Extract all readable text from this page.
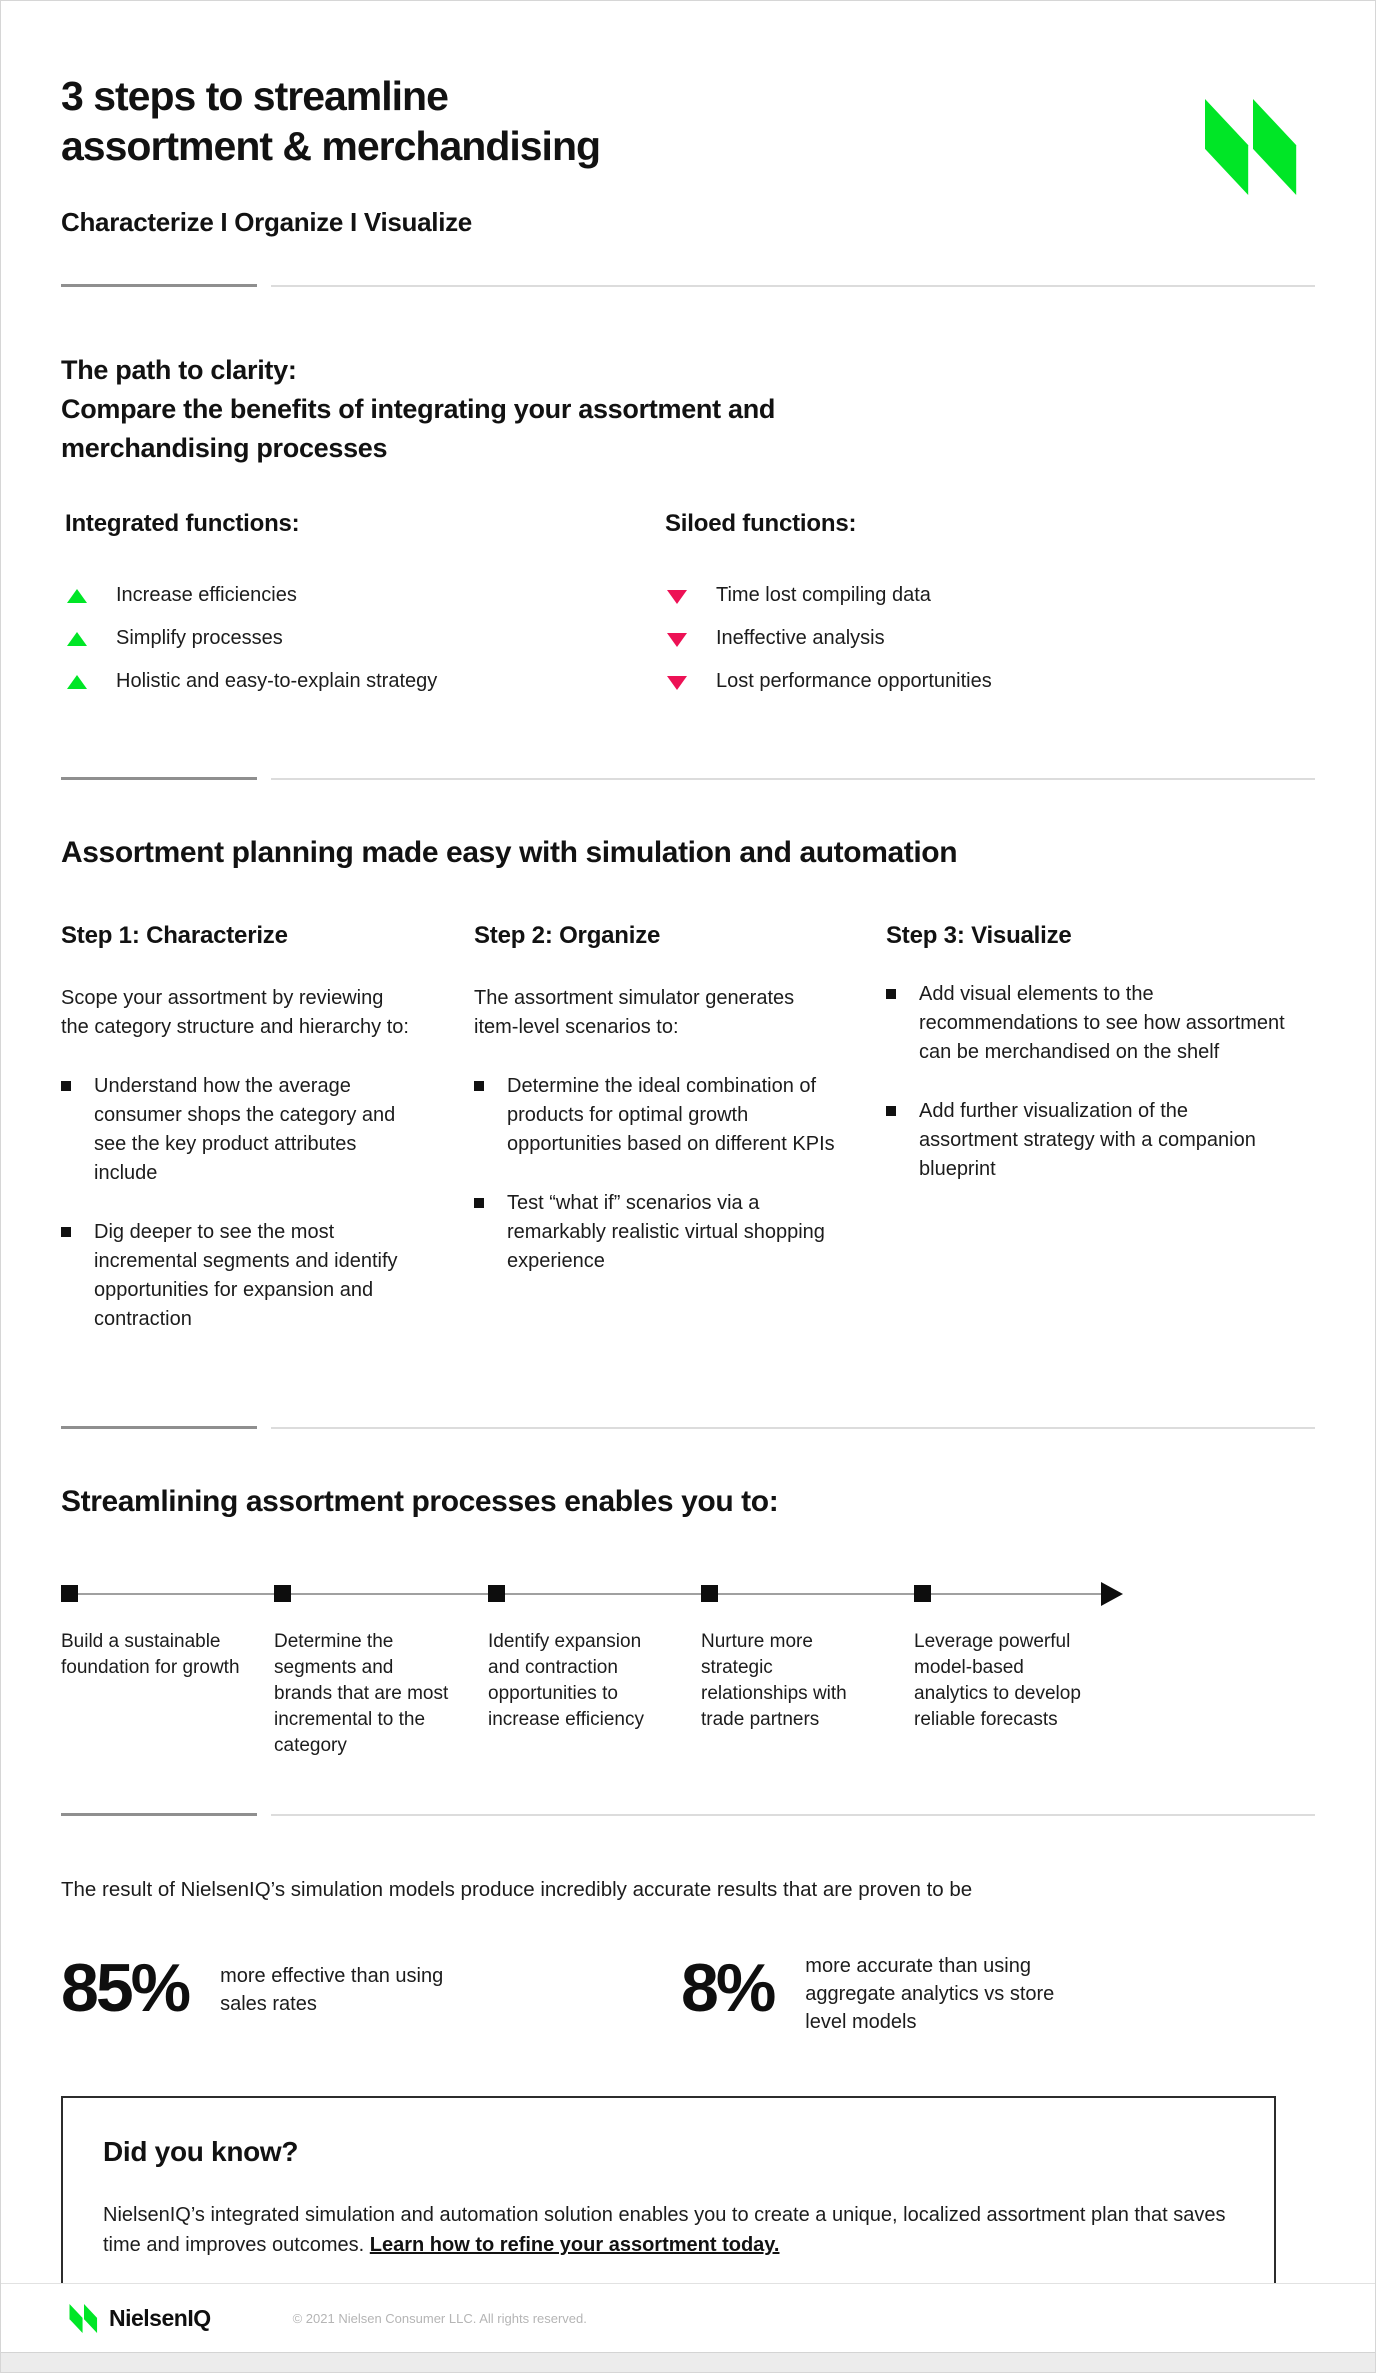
3 steps to streamline
assortment & merchandising
Characterize I Organize I Visualize
The path to clarity:
Compare the benefits of integrating your assortment and
merchandising processes
Integrated functions:
Increase efficiencies
Simplify processes
Holistic and easy-to-explain strategy
Siloed functions:
Time lost compiling data
Ineffective analysis
Lost performance opportunities
Assortment planning made easy with simulation and automation
Step 1: Characterize
Scope your assortment by reviewing the category structure and hierarchy to:
Understand how the average consumer shops the category and see the key product attributes include
Dig deeper to see the most incremental segments and identify opportunities for expansion and contraction
Step 2: Organize
The assortment simulator generates item-level scenarios to:
Determine the ideal combination of products for optimal growth opportunities based on different KPIs
Test “what if” scenarios via a remarkably realistic virtual shopping experience
Step 3: Visualize
Add visual elements to the recommendations to see how assortment can be merchandised on the shelf
Add further visualization of the assortment strategy with a companion blueprint
Streamlining assortment processes enables you to:
Build a sustainable foundation for growth
Determine the segments and brands that are most incremental to the category
Identify expansion and contraction opportunities to increase efficiency
Nurture more strategic relationships with trade partners
Leverage powerful model-based analytics to develop reliable forecasts
The result of NielsenIQ’s simulation models produce incredibly accurate results that are proven to be
85% more effective than using sales rates	8% more accurate than using aggregate analytics vs store level models
Did you know?
NielsenIQ’s integrated simulation and automation solution enables you to create a unique, localized assortment plan that saves time and improves outcomes. Learn how to refine your assortment today.
NielsenIQ	© 2021 Nielsen Consumer LLC. All rights reserved.
